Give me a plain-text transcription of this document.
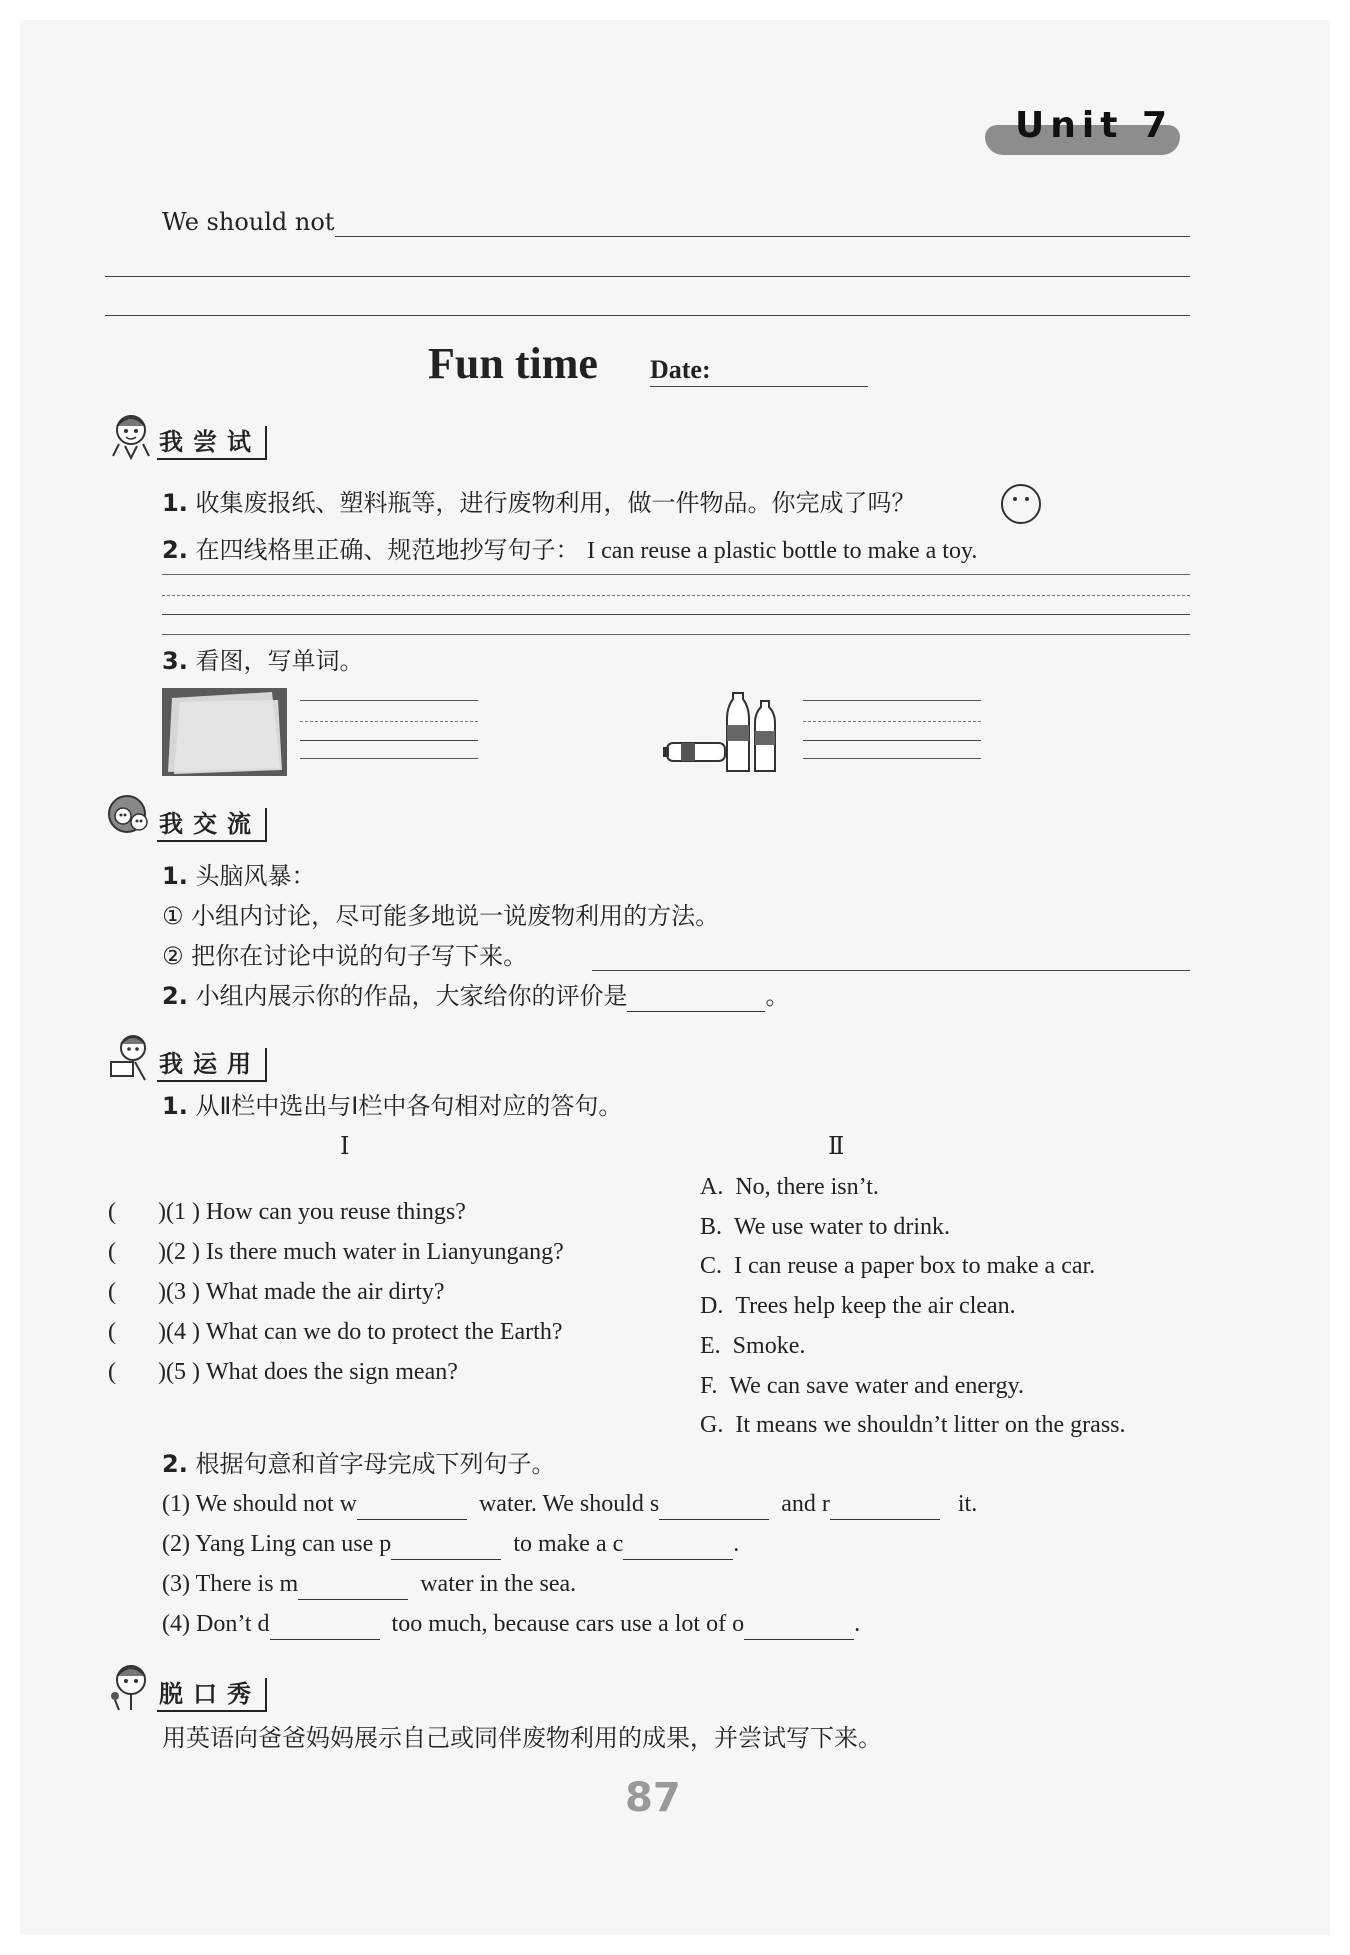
Unit 7
We should not
Fun time Date:
我尝试
1. 收集废报纸、塑料瓶等，进行废物利用，做一件物品。你完成了吗？
2. 在四线格里正确、规范地抄写句子： I can reuse a plastic bottle to make a toy.
3. 看图，写单词。
我交流
1. 头脑风暴：
① 小组内讨论，尽可能多地说一说废物利用的方法。
② 把你在讨论中说的句子写下来。
2. 小组内展示你的作品，大家给你的评价是	。
我运用
1. 从Ⅱ栏中选出与Ⅰ栏中各句相对应的答句。
Ⅰ	Ⅱ
(       )(1 ) How can you reuse things?
(       )(2 ) Is there much water in Lianyungang?
(       )(3 ) What made the air dirty?
(       )(4 ) What can we do to protect the Earth?
(       )(5 ) What does the sign mean?
A. No, there isn’t.
B. We use water to drink.
C. I can reuse a paper box to make a car.
D. Trees help keep the air clean.
E. Smoke.
F. We can save water and energy.
G. It means we shouldn’t litter on the grass.
2. 根据句意和首字母完成下列句子。
(1) We should not w	water. We should s	and r	it.
(2) Yang Ling can use p	to make a c	.
(3) There is m	water in the sea.
(4) Don’t d	too much, because cars use a lot of o	.
脱口秀
用英语向爸爸妈妈展示自己或同伴废物利用的成果，并尝试写下来。
87
